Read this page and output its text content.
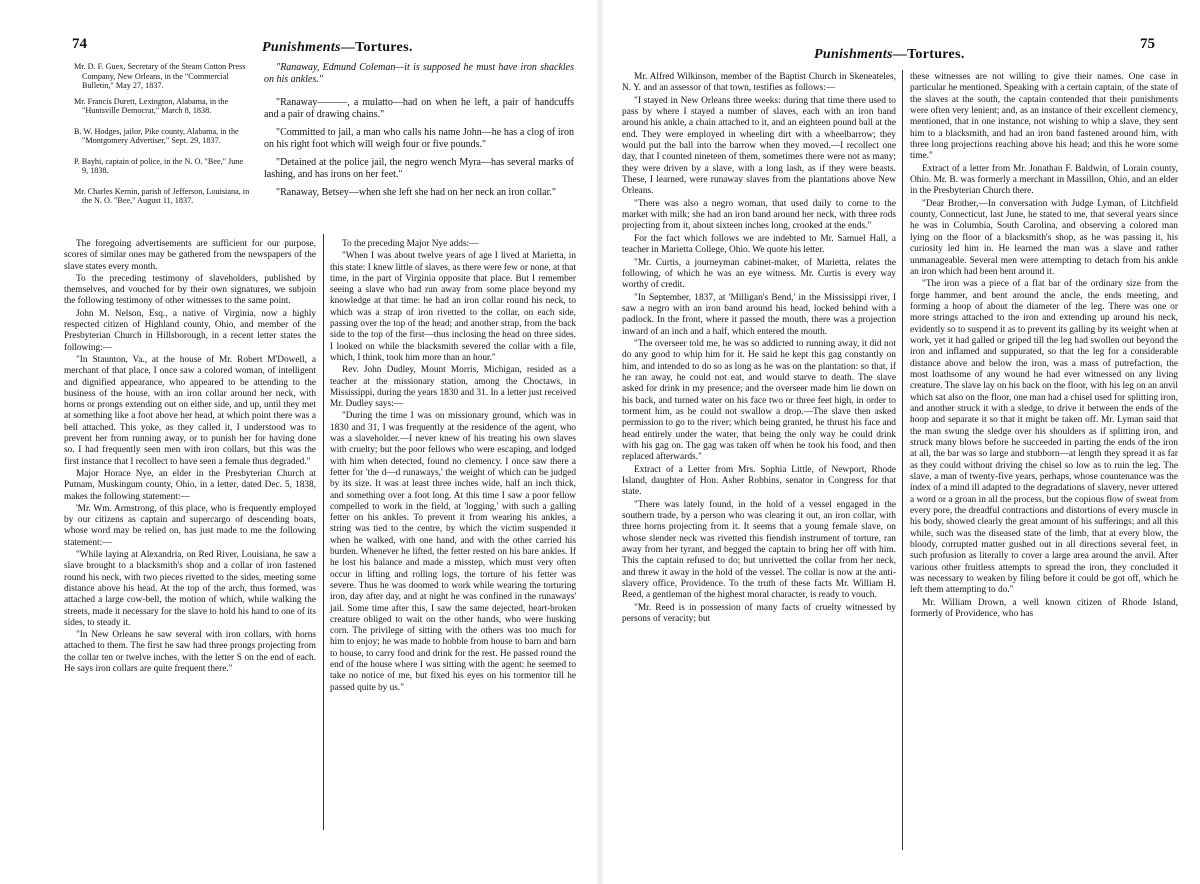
74	Punishments—Tortures.
Mr. D. F. Guex, Secretary of the Steam Cotton Press Company, New Orleans, in the "Commercial Bulletin," May 27, 1837.
"Ranaway, Edmund Coleman—it is supposed he must have iron shackles on his ankles."
Mr. Francis Durett, Lexington, Alabama, in the "Huntsville Democrat," March 8, 1838.
"Ranaway———, a mulatto—had on when he left, a pair of handcuffs and a pair of drawing chains."
B. W. Hodges, jailor, Pike county, Alabama, in the "Montgomery Advertiser," Sept. 29, 1837.
"Committed to jail, a man who calls his name John—he has a clog of iron on his right foot which will weigh four or five pounds."
P. Bayhi, captain of police, in the N. O. "Bee," June 9, 1838.
"Detained at the police jail, the negro wench Myra—has several marks of lashing, and has irons on her feet."
Mr. Charles Kernin, parish of Jefferson, Louisiana, in the N. O. "Bee," August 11, 1837.
"Ranaway, Betsey—when she left she had on her neck an iron collar."

The foregoing advertisements are sufficient for our purpose, scores of similar ones may be gathered from the newspapers of the slave states every month.

To the preceding testimony of slaveholders, published by themselves, and vouched for by their own signatures, we subjoin the following testimony of other witnesses to the same point.

John M. Nelson, Esq., a native of Virginia, now a highly respected citizen of Highland county, Ohio, and member of the Presbyterian Church in Hillsborough, in a recent letter states the following:—

"In Staunton, Va., at the house of Mr. Robert M'Dowell, a merchant of that place, I once saw a colored woman, of intelligent and dignified appearance, who appeared to be attending to the business of the house, with an iron collar around her neck, with horns or prongs extending out on either side, and up, until they met at something like a foot above her head, at which point there was a bell attached. This yoke, as they called it, I understood was to prevent her from running away, or to punish her for having done so. I had frequently seen men with iron collars, but this was the first instance that I recollect to have seen a female thus degraded."

Major Horace Nye, an elder in the Presbyterian Church at Putnam, Muskingum county, Ohio, in a letter, dated Dec. 5, 1838, makes the following statement:—

'Mr. Wm. Armstrong, of this place, who is frequently employed by our citizens as captain and supercargo of descending boats, whose word may be relied on, has just made to me the following statement:—

"While laying at Alexandria, on Red River, Louisiana, he saw a slave brought to a blacksmith's shop and a collar of iron fastened round his neck, with two pieces rivetted to the sides, meeting some distance above his head. At the top of the arch, thus formed, was attached a large cow-bell, the motion of which, while walking the streets, made it necessary for the slave to hold his hand to one of its sides, to steady it.

"In New Orleans he saw several with iron collars, with horns attached to them. The first he saw had three prongs projecting from the collar ten or twelve inches, with the letter S on the end of each. He says iron collars are quite frequent there."

To the preceding Major Nye adds:—

"When I was about twelve years of age I lived at Marietta, in this state: I knew little of slaves, as there were few or none, at that time, in the part of Virginia opposite that place. But I remember seeing a slave who had run away from some place beyond my knowledge at that time: he had an iron collar round his neck, to which was a strap of iron rivetted to the collar, on each side, passing over the top of the head; and another strap, from the back side to the top of the first—thus inclosing the head on three sides. I looked on while the blacksmith severed the collar with a file, which, I think, took him more than an hour."

Rev. John Dudley, Mount Morris, Michigan, resided as a teacher at the missionary station, among the Choctaws, in Mississippi, during the years 1830 and 31. In a letter just received Mr. Dudley says:—

"During the time I was on missionary ground, which was in 1830 and 31, I was frequently at the residence of the agent, who was a slaveholder.—I never knew of his treating his own slaves with cruelty; but the poor fellows who were escaping, and lodged with him when detected, found no clemency. I once saw there a fetter for 'the d—d runaways,' the weight of which can be judged by its size. It was at least three inches wide, half an inch thick, and something over a foot long. At this time I saw a poor fellow compelled to work in the field, at 'logging,' with such a galling fetter on his ankles. To prevent it from wearing his ankles, a string was tied to the centre, by which the victim suspended it when he walked, with one hand, and with the other carried his burden. Whenever he lifted, the fetter rested on his bare ankles. If he lost his balance and made a misstep, which must very often occur in lifting and rolling logs, the torture of his fetter was severe. Thus he was doomed to work while wearing the torturing iron, day after day, and at night he was confined in the runaways' jail. Some time after this, I saw the same dejected, heart-broken creature obliged to wait on the other hands, who were husking corn. The privilege of sitting with the others was too much for him to enjoy; he was made to hobble from house to barn and barn to house, to carry food and drink for the rest. He passed round the end of the house where I was sitting with the agent: he seemed to take no notice of me, but fixed his eyes on his tormentor till he passed quite by us."

75
Punishments—Tortures.

Mr. Alfred Wilkinson, member of the Baptist Church in Skeneateles, N. Y. and an assessor of that town, testifies as follows:—

"I stayed in New Orleans three weeks: during that time there used to pass by where I stayed a number of slaves, each with an iron band around his ankle, a chain attached to it, and an eighteen pound ball at the end. They were employed in wheeling dirt with a wheelbarrow; they would put the ball into the barrow when they moved.—I recollect one day, that I counted nineteen of them, sometimes there were not as many; they were driven by a slave, with a long lash, as if they were beasts. These, I learned, were runaway slaves from the plantations above New Orleans.

"There was also a negro woman, that used daily to come to the market with milk; she had an iron band around her neck, with three rods projecting from it, about sixteen inches long, crooked at the ends."

For the fact which follows we are indebted to Mr. Samuel Hall, a teacher in Marietta College, Ohio. We quote his letter.

"Mr. Curtis, a journeyman cabinet-maker, of Marietta, relates the following, of which he was an eye witness. Mr. Curtis is every way worthy of credit.

"In September, 1837, at 'Milligan's Bend,' in the Mississippi river, I saw a negro with an iron band around his head, locked behind with a padlock. In the front, where it passed the mouth, there was a projection inward of an inch and a half, which entered the mouth.

"The overseer told me, he was so addicted to running away, it did not do any good to whip him for it. He said he kept this gag constantly on him, and intended to do so as long as he was on the plantation: so that, if he ran away, he could not eat, and would starve to death. The slave asked for drink in my presence; and the overseer made him lie down on his back, and turned water on his face two or three feet high, in order to torment him, as he could not swallow a drop.—The slave then asked permission to go to the river; which being granted, he thrust his face and head entirely under the water, that being the only way he could drink with his gag on. The gag was taken off when he took his food, and then replaced afterwards."

Extract of a Letter from Mrs. Sophia Little, of Newport, Rhode Island, daughter of Hon. Asher Robbins, senator in Congress for that state.

"There was lately found, in the hold of a vessel engaged in the southern trade, by a person who was clearing it out, an iron collar, with three horns projecting from it. It seems that a young female slave, on whose slender neck was rivetted this fiendish instrument of torture, ran away from her tyrant, and begged the captain to bring her off with him. This the captain refused to do; but unrivetted the collar from her neck, and threw it away in the hold of the vessel. The collar is now at the anti-slavery office, Providence. To the truth of these facts Mr. William H. Reed, a gentleman of the highest moral character, is ready to vouch.

"Mr. Reed is in possession of many facts of cruelty witnessed by persons of veracity; but

these witnesses are not willing to give their names. One case in particular he mentioned. Speaking with a certain captain, of the state of the slaves at the south, the captain contended that their punishments were often very lenient; and, as an instance of their excellent clemency, mentioned, that in one instance, not wishing to whip a slave, they sent him to a blacksmith, and had an iron band fastened around him, with three long projections reaching above his head; and this he wore some time."

Extract of a letter from Mr. Jonathan F. Baldwin, of Lorain county, Ohio. Mr. B. was formerly a merchant in Massillon, Ohio, and an elder in the Presbyterian Church there.

"Dear Brother,—In conversation with Judge Lyman, of Litchfield county, Connecticut, last June, he stated to me, that several years since he was in Columbia, South Carolina, and observing a colored man lying on the floor of a blacksmith's shop, as he was passing it, his curiosity led him in. He learned the man was a slave and rather unmanageable. Several men were attempting to detach from his ankle an iron which had been bent around it.

"The iron was a piece of a flat bar of the ordinary size from the forge hammer, and bent around the ancle, the ends meeting, and forming a hoop of about the diameter of the leg. There was one or more strings attached to the iron and extending up around his neck, evidently so to suspend it as to prevent its galling by its weight when at work, yet it had galled or griped till the leg had swollen out beyond the iron and inflamed and suppurated, so that the leg for a considerable distance above and below the iron, was a mass of putrefaction, the most loathsome of any wound he had ever witnessed on any living creature. The slave lay on his back on the floor, with his leg on an anvil which sat also on the floor, one man had a chisel used for splitting iron, and another struck it with a sledge, to drive it between the ends of the hoop and separate it so that it might be taken off. Mr. Lyman said that the man swung the sledge over his shoulders as if splitting iron, and struck many blows before he succeeded in parting the ends of the iron at all, the bar was so large and stubborn—at length they spread it as far as they could without driving the chisel so low as to ruin the leg. The slave, a man of twenty-five years, perhaps, whose countenance was the index of a mind ill adapted to the degradations of slavery, never uttered a word or a groan in all the process, but the copious flow of sweat from every pore, the dreadful contractions and distortions of every muscle in his body, showed clearly the great amount of his sufferings; and all this while, such was the diseased state of the limb, that at every blow, the bloody, corrupted matter gushed out in all directions several feet, in such profusion as literally to cover a large area around the anvil. After various other fruitless attempts to spread the iron, they concluded it was necessary to weaken by filing before it could be got off, which he left them attempting to do."

Mr. William Drown, a well known citizen of Rhode Island, formerly of Providence, who has
